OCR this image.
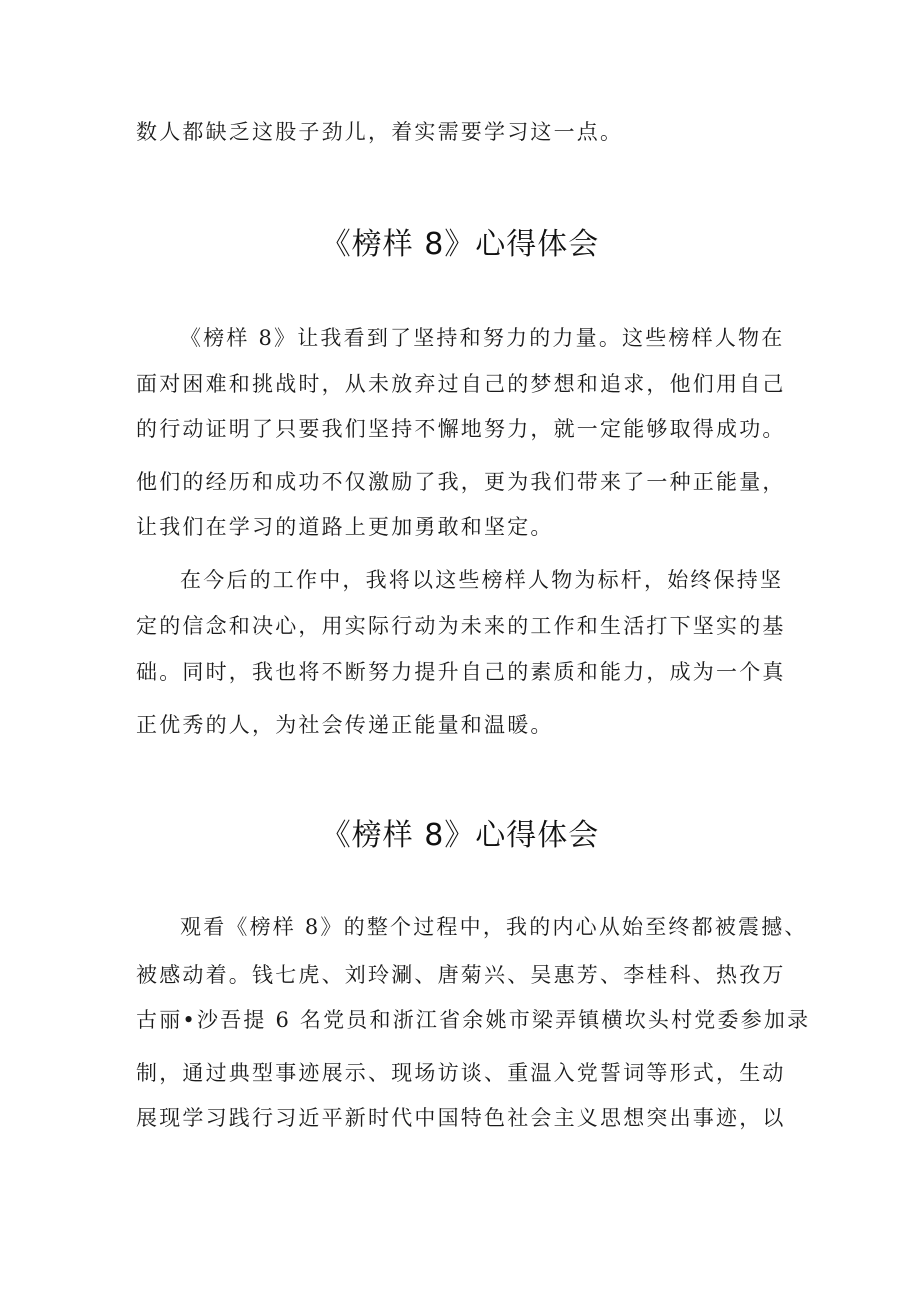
数人都缺乏这股子劲儿，着实需要学习这一点。
《榜样 8》心得体会
《榜样 8》让我看到了坚持和努力的力量。这些榜样人物在
面对困难和挑战时，从未放弃过自己的梦想和追求，他们用自己
的行动证明了只要我们坚持不懈地努力，就一定能够取得成功。
他们的经历和成功不仅激励了我，更为我们带来了一种正能量，
让我们在学习的道路上更加勇敢和坚定。
在今后的工作中，我将以这些榜样人物为标杆，始终保持坚
定的信念和决心，用实际行动为未来的工作和生活打下坚实的基
础。同时，我也将不断努力提升自己的素质和能力，成为一个真
正优秀的人，为社会传递正能量和温暖。
《榜样 8》心得体会
观看《榜样 8》的整个过程中，我的内心从始至终都被震撼、
被感动着。钱七虎、刘玲涮、唐菊兴、吴惠芳、李桂科、热孜万
古丽•沙吾提 6 名党员和浙江省余姚市梁弄镇横坎头村党委参加录
制，通过典型事迹展示、现场访谈、重温入党誓词等形式，生动
展现学习践行习近平新时代中国特色社会主义思想突出事迹，以
